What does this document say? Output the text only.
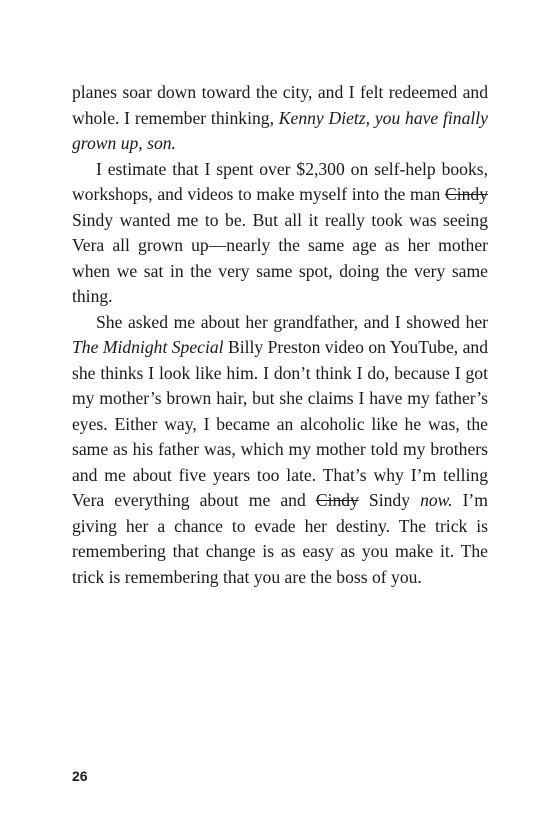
planes soar down toward the city, and I felt redeemed and whole. I remember thinking, Kenny Dietz, you have finally grown up, son.

I estimate that I spent over $2,300 on self-help books, workshops, and videos to make myself into the man Cindy Sindy wanted me to be. But all it really took was seeing Vera all grown up—nearly the same age as her mother when we sat in the very same spot, doing the very same thing.

She asked me about her grandfather, and I showed her The Midnight Special Billy Preston video on YouTube, and she thinks I look like him. I don’t think I do, because I got my mother’s brown hair, but she claims I have my father’s eyes. Either way, I became an alcoholic like he was, the same as his father was, which my mother told my brothers and me about five years too late. That’s why I’m telling Vera everything about me and Cindy Sindy now. I’m giving her a chance to evade her destiny. The trick is remembering that change is as easy as you make it. The trick is remembering that you are the boss of you.

26
